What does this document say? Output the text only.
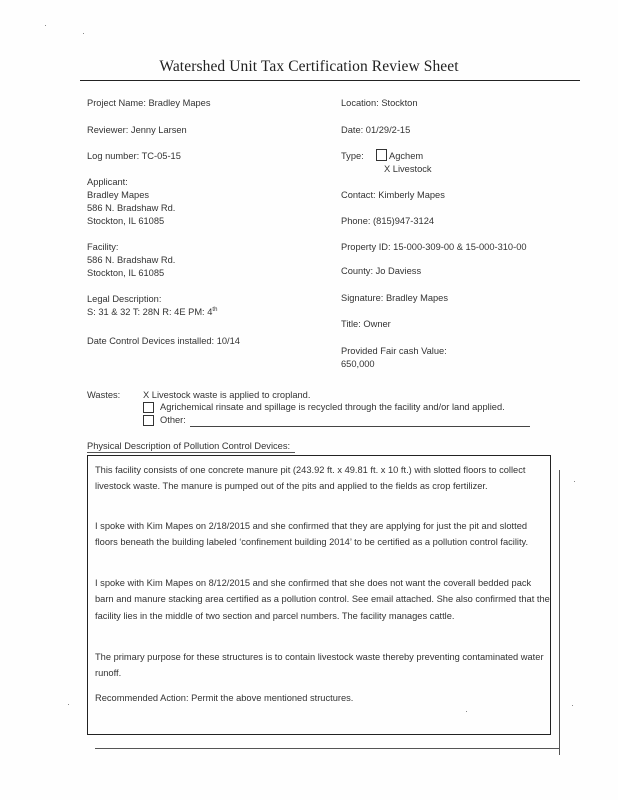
Watershed Unit Tax Certification Review Sheet
Project Name: Bradley Mapes
Reviewer: Jenny Larsen
Log number: TC-05-15
Applicant:
Bradley Mapes
586 N. Bradshaw Rd.
Stockton, IL 61085
Facility:
586 N. Bradshaw Rd.
Stockton, IL 61085
Legal Description:
S: 31 & 32 T: 28N R: 4E PM: 4th
Date Control Devices installed: 10/14
Location: Stockton
Date: 01/29/2-15
Type:	Agchem
X Livestock
Contact: Kimberly Mapes
Phone: (815)947-3124
Property ID: 15-000-309-00 & 15-000-310-00
County: Jo Daviess
Signature: Bradley Mapes
Title: Owner
Provided Fair cash Value:
650,000
Wastes: X Livestock waste is applied to cropland.
Agrichemical rinsate and spillage is recycled through the facility and/or land applied.
Other:
Physical Description of Pollution Control Devices:
This facility consists of one concrete manure pit (243.92 ft. x 49.81 ft. x 10 ft.) with slotted floors to collect livestock waste. The manure is pumped out of the pits and applied to the fields as crop fertilizer.
I spoke with Kim Mapes on 2/18/2015 and she confirmed that they are applying for just the pit and slotted floors beneath the building labeled ‘confinement building 2014’ to be certified as a pollution control facility.
I spoke with Kim Mapes on 8/12/2015 and she confirmed that she does not want the coverall bedded pack barn and manure stacking area certified as a pollution control. See email attached. She also confirmed that the facility lies in the middle of two section and parcel numbers. The facility manages cattle.
The primary purpose for these structures is to contain livestock waste thereby preventing contaminated water runoff.
Recommended Action: Permit the above mentioned structures.
